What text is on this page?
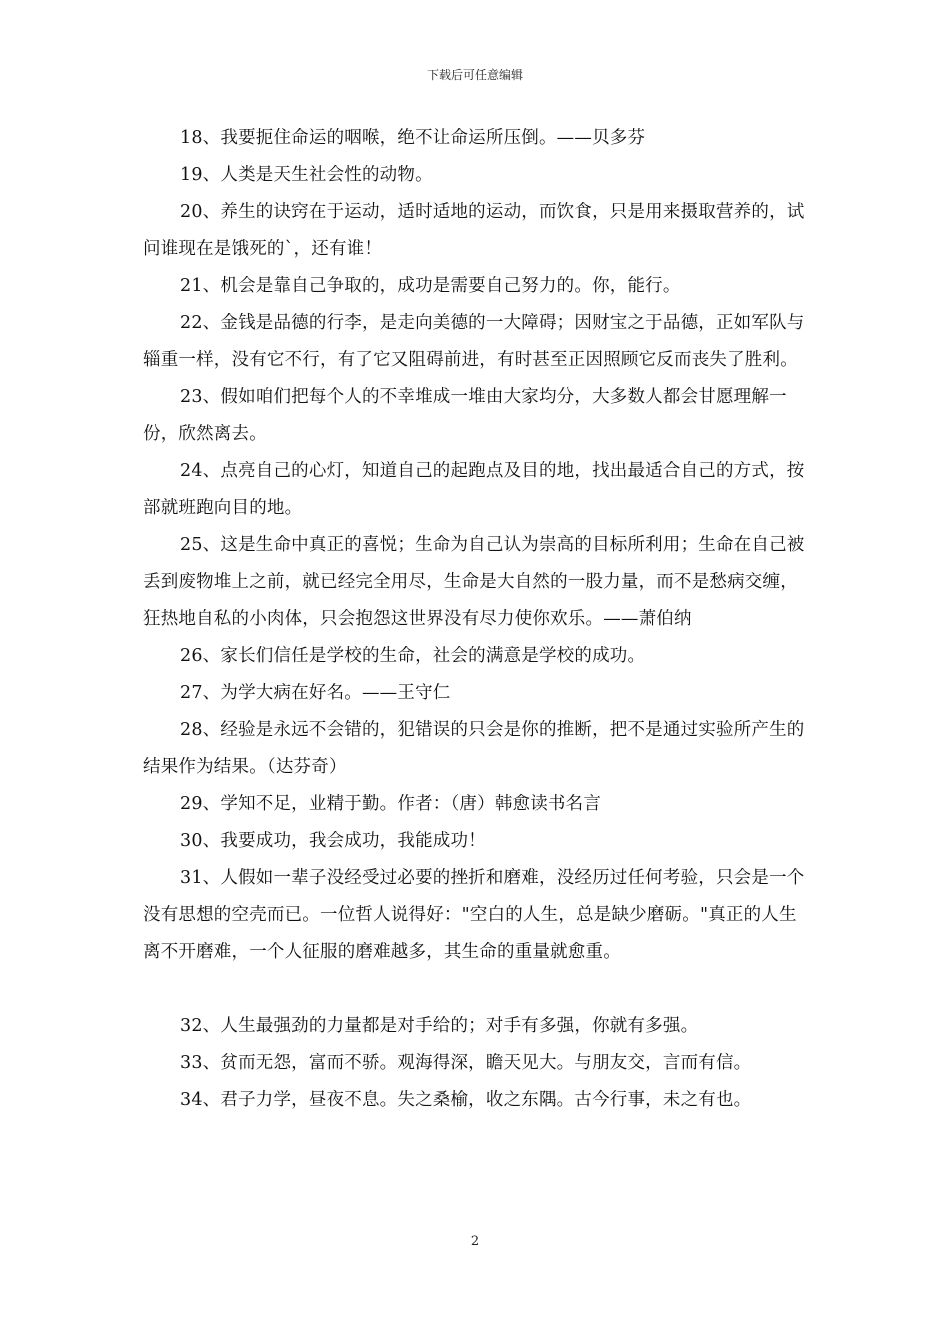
下载后可任意编辑

18、我要扼住命运的咽喉，绝不让命运所压倒。——贝多芬

19、人类是天生社会性的动物。

20、养生的诀窍在于运动，适时适地的运动，而饮食，只是用来摄取营养的，试问谁现在是饿死的`，还有谁！

21、机会是靠自己争取的，成功是需要自己努力的。你，能行。

22、金钱是品德的行李，是走向美德的一大障碍；因财宝之于品德，正如军队与辎重一样，没有它不行，有了它又阻碍前进，有时甚至正因照顾它反而丧失了胜利。

23、假如咱们把每个人的不幸堆成一堆由大家均分，大多数人都会甘愿理解一份，欣然离去。

24、点亮自己的心灯，知道自己的起跑点及目的地，找出最适合自己的方式，按部就班跑向目的地。

25、这是生命中真正的喜悦；生命为自己认为崇高的目标所利用；生命在自己被丢到废物堆上之前，就已经完全用尽，生命是大自然的一股力量，而不是愁病交缠，狂热地自私的小肉体，只会抱怨这世界没有尽力使你欢乐。——萧伯纳

26、家长们信任是学校的生命，社会的满意是学校的成功。

27、为学大病在好名。——王守仁

28、经验是永远不会错的，犯错误的只会是你的推断，把不是通过实验所产生的结果作为结果。（达芬奇）

29、学知不足，业精于勤。作者：（唐）韩愈读书名言

30、我要成功，我会成功，我能成功！

31、人假如一辈子没经受过必要的挫折和磨难，没经历过任何考验，只会是一个没有思想的空壳而已。一位哲人说得好："空白的人生，总是缺少磨砺。"真正的人生离不开磨难，一个人征服的磨难越多，其生命的重量就愈重。

32、人生最强劲的力量都是对手给的；对手有多强，你就有多强。

33、贫而无怨，富而不骄。观海得深，瞻天见大。与朋友交，言而有信。

34、君子力学，昼夜不息。失之桑榆，收之东隅。古今行事，未之有也。

2
